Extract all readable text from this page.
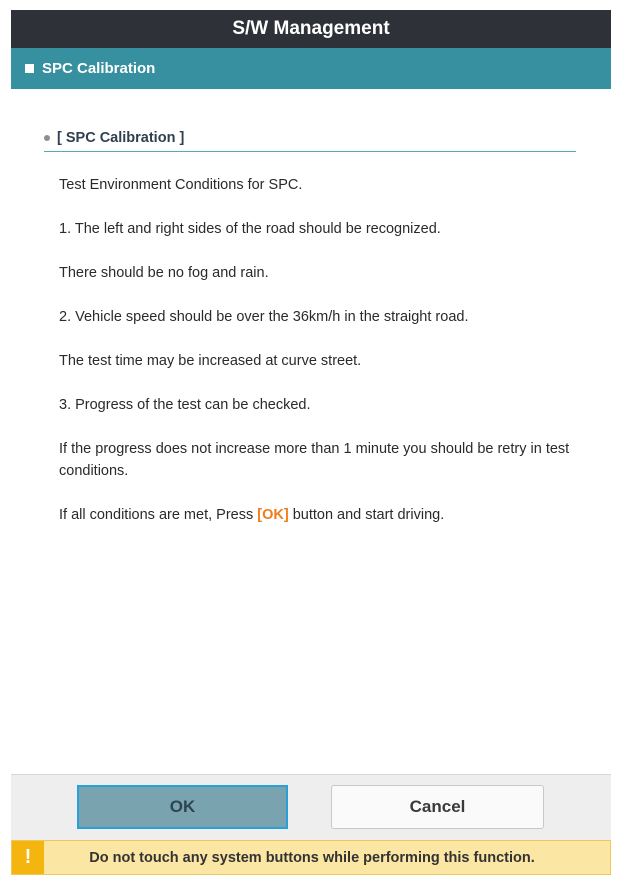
S/W Management
SPC Calibration
[ SPC Calibration ]

Test Environment Conditions for SPC.

1. The left and right sides of the road should be recognized.

There should be no fog and rain.

2. Vehicle speed should be over the 36km/h in the straight road.

The test time may be increased at curve street.

3. Progress of the test can be checked.

If the progress does not increase more than 1 minute you should be retry in test conditions.

If all conditions are met, Press [OK] button and start driving.

OK	Cancel
!	Do not touch any system buttons while performing this function.
